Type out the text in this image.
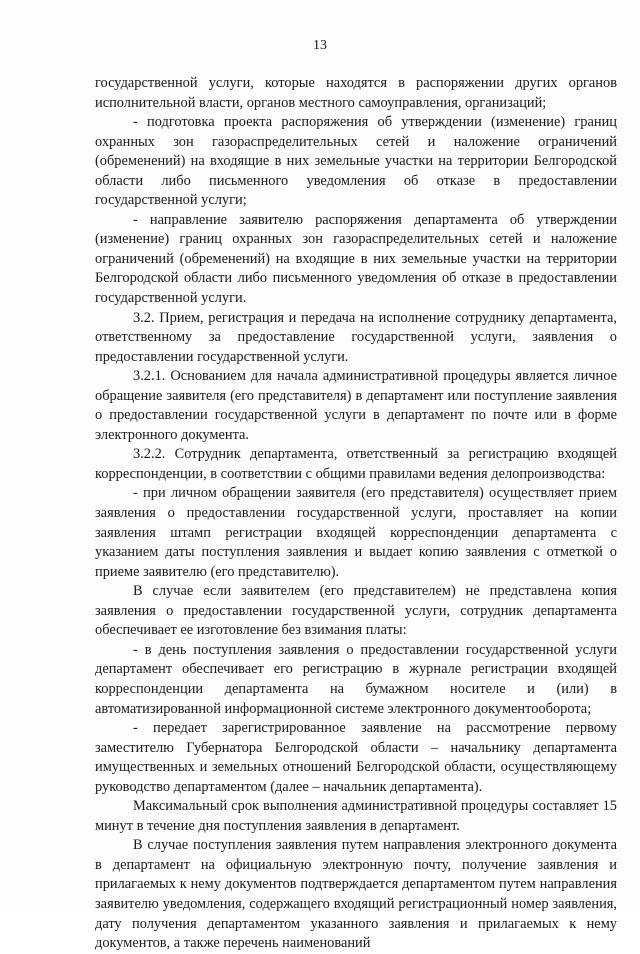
13

государственной услуги, которые находятся в распоряжении других органов исполнительной власти, органов местного самоуправления, организаций;

- подготовка проекта распоряжения об утверждении (изменение) границ охранных зон газораспределительных сетей и наложение ограничений (обременений) на входящие в них земельные участки на территории Белгородской области либо письменного уведомления об отказе в предоставлении государственной услуги;

- направление заявителю распоряжения департамента об утверждении (изменение) границ охранных зон газораспределительных сетей и наложение ограничений (обременений) на входящие в них земельные участки на территории Белгородской области либо письменного уведомления об отказе в предоставлении государственной услуги.

3.2. Прием, регистрация и передача на исполнение сотруднику департамента, ответственному за предоставление государственной услуги, заявления о предоставлении государственной услуги.

3.2.1. Основанием для начала административной процедуры является личное обращение заявителя (его представителя) в департамент или поступление заявления о предоставлении государственной услуги в департамент по почте или в форме электронного документа.

3.2.2. Сотрудник департамента, ответственный за регистрацию входящей корреспонденции, в соответствии с общими правилами ведения делопроизводства:

- при личном обращении заявителя (его представителя) осуществляет прием заявления о предоставлении государственной услуги, проставляет на копии заявления штамп регистрации входящей корреспонденции департамента с указанием даты поступления заявления и выдает копию заявления с отметкой о приеме заявителю (его представителю).

В случае если заявителем (его представителем) не представлена копия заявления о предоставлении государственной услуги, сотрудник департамента обеспечивает ее изготовление без взимания платы:

- в день поступления заявления о предоставлении государственной услуги департамент обеспечивает его регистрацию в журнале регистрации входящей корреспонденции департамента на бумажном носителе и (или) в автоматизированной информационной системе электронного документооборота;

- передает зарегистрированное заявление на рассмотрение первому заместителю Губернатора Белгородской области – начальнику департамента имущественных и земельных отношений Белгородской области, осуществляющему руководство департаментом (далее – начальник департамента).

Максимальный срок выполнения административной процедуры составляет 15 минут в течение дня поступления заявления в департамент.

В случае поступления заявления путем направления электронного документа в департамент на официальную электронную почту, получение заявления и прилагаемых к нему документов подтверждается департаментом путем направления заявителю уведомления, содержащего входящий регистрационный номер заявления, дату получения департаментом указанного заявления и прилагаемых к нему документов, а также перечень наименований
